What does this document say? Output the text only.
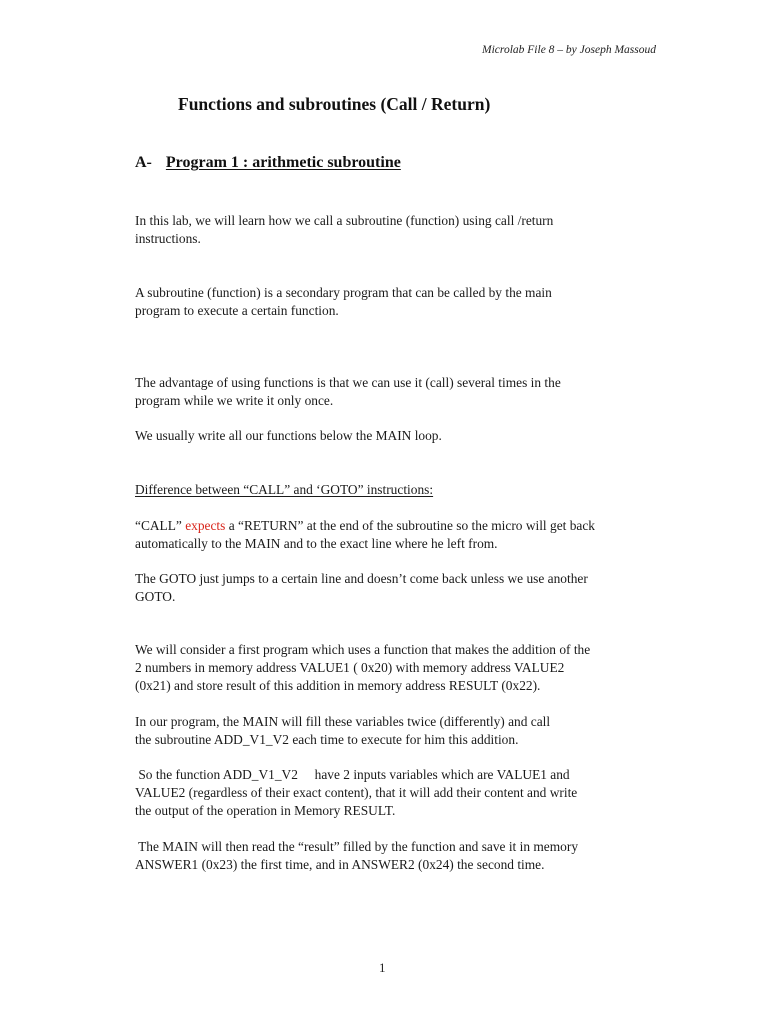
Microlab File 8 – by Joseph Massoud
Functions and subroutines (Call / Return)
A- Program 1 : arithmetic subroutine
In this lab, we will learn how we call a subroutine (function) using call /return
instructions.
A subroutine (function) is a secondary program that can be called by the main
program to execute a certain function.
The advantage of using functions is that we can use it (call) several times in the
program while we write it only once.
We usually write all our functions below the MAIN loop.
Difference between “CALL” and ‘GOTO” instructions:
“CALL” expects a “RETURN” at the end of the subroutine so the micro will get back
automatically to the MAIN and to the exact line where he left from.
The GOTO just jumps to a certain line and doesn’t come back unless we use another
GOTO.
We will consider a first program which uses a function that makes the addition of the
2 numbers in memory address VALUE1 ( 0x20) with memory address VALUE2
(0x21) and store result of this addition in memory address RESULT (0x22).
In our program, the MAIN will fill these variables twice (differently) and call
the subroutine ADD_V1_V2 each time to execute for him this addition.
So the function ADD_V1_V2     have 2 inputs variables which are VALUE1 and
VALUE2 (regardless of their exact content), that it will add their content and write
the output of the operation in Memory RESULT.
The MAIN will then read the “result” filled by the function and save it in memory
ANSWER1 (0x23) the first time, and in ANSWER2 (0x24) the second time.
1
